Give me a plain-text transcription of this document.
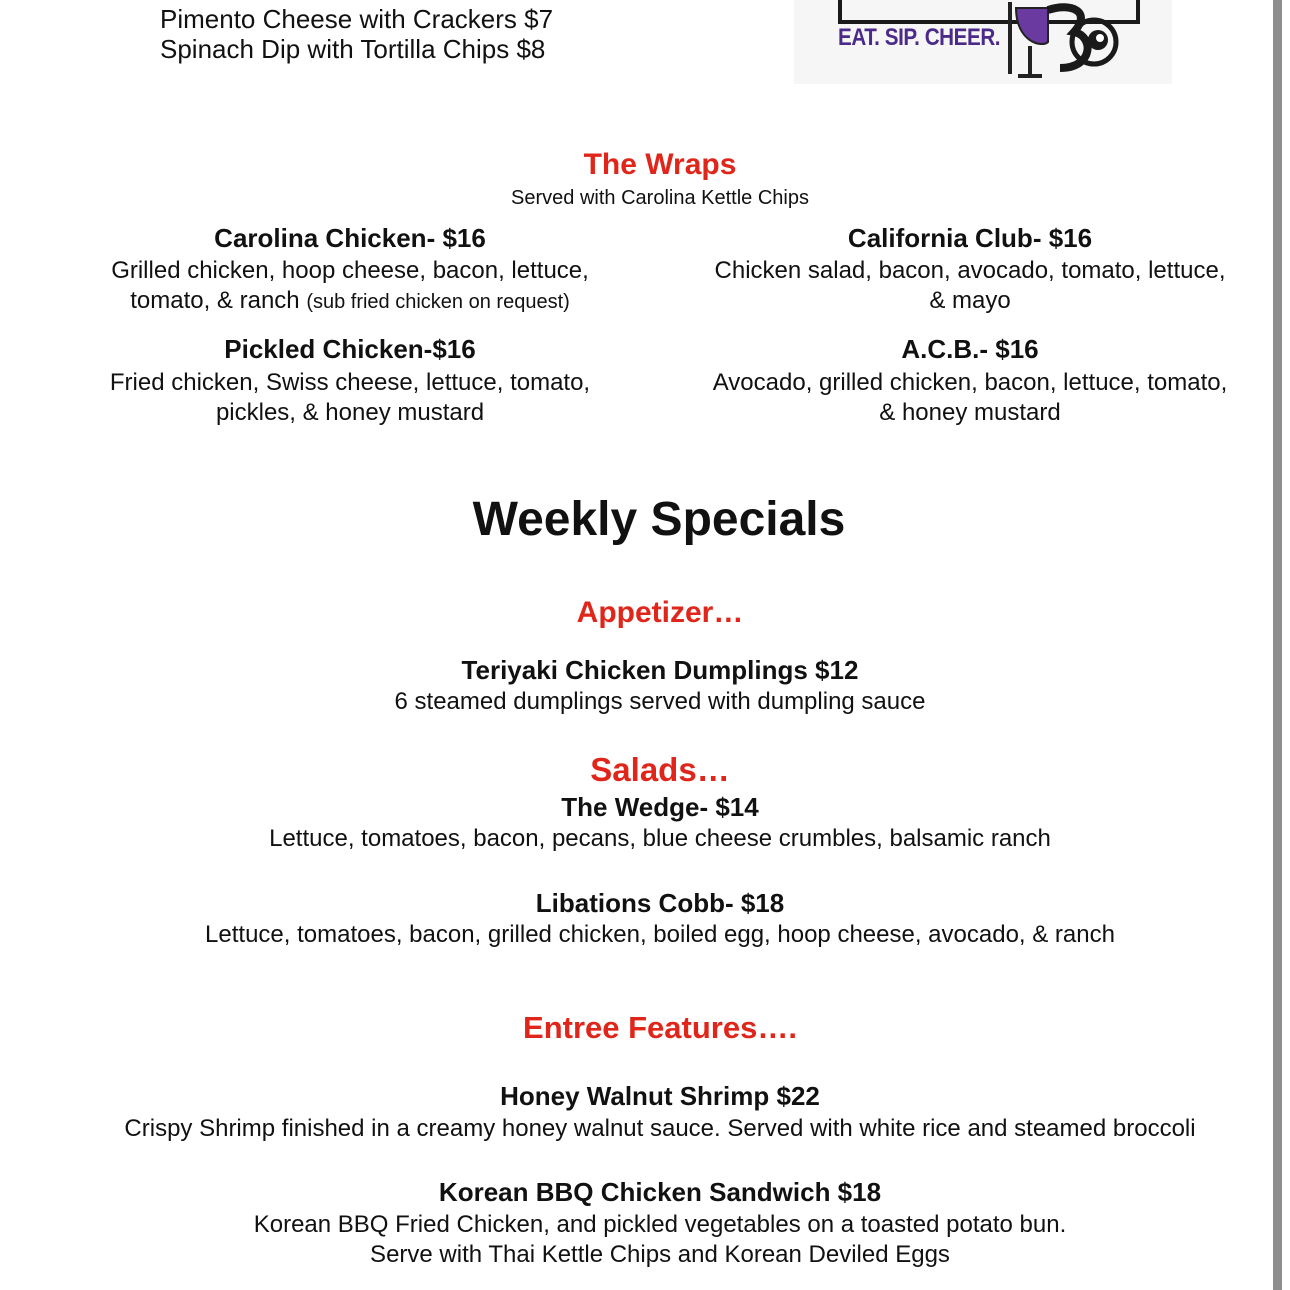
Pimento Cheese with Crackers $7
Spinach Dip with Tortilla Chips $8	EAT. SIP. CHEER.
The Wraps
Served with Carolina Kettle Chips
Carolina Chicken- $16
Grilled chicken, hoop cheese, bacon, lettuce,
tomato, & ranch (sub fried chicken on request)
California Club- $16
Chicken salad, bacon, avocado, tomato, lettuce,
& mayo
Pickled Chicken-$16
Fried chicken, Swiss cheese, lettuce, tomato,
pickles, & honey mustard
A.C.B.- $16
Avocado, grilled chicken, bacon, lettuce, tomato,
& honey mustard
Weekly Specials
Appetizer…
Teriyaki Chicken Dumplings $12
6 steamed dumplings served with dumpling sauce
Salads…
The Wedge- $14
Lettuce, tomatoes, bacon, pecans, blue cheese crumbles, balsamic ranch
Libations Cobb- $18
Lettuce, tomatoes, bacon, grilled chicken, boiled egg, hoop cheese, avocado, & ranch
Entree Features….
Honey Walnut Shrimp $22
Crispy Shrimp finished in a creamy honey walnut sauce. Served with white rice and steamed broccoli
Korean BBQ Chicken Sandwich $18
Korean BBQ Fried Chicken, and pickled vegetables on a toasted potato bun.
Serve with Thai Kettle Chips and Korean Deviled Eggs
